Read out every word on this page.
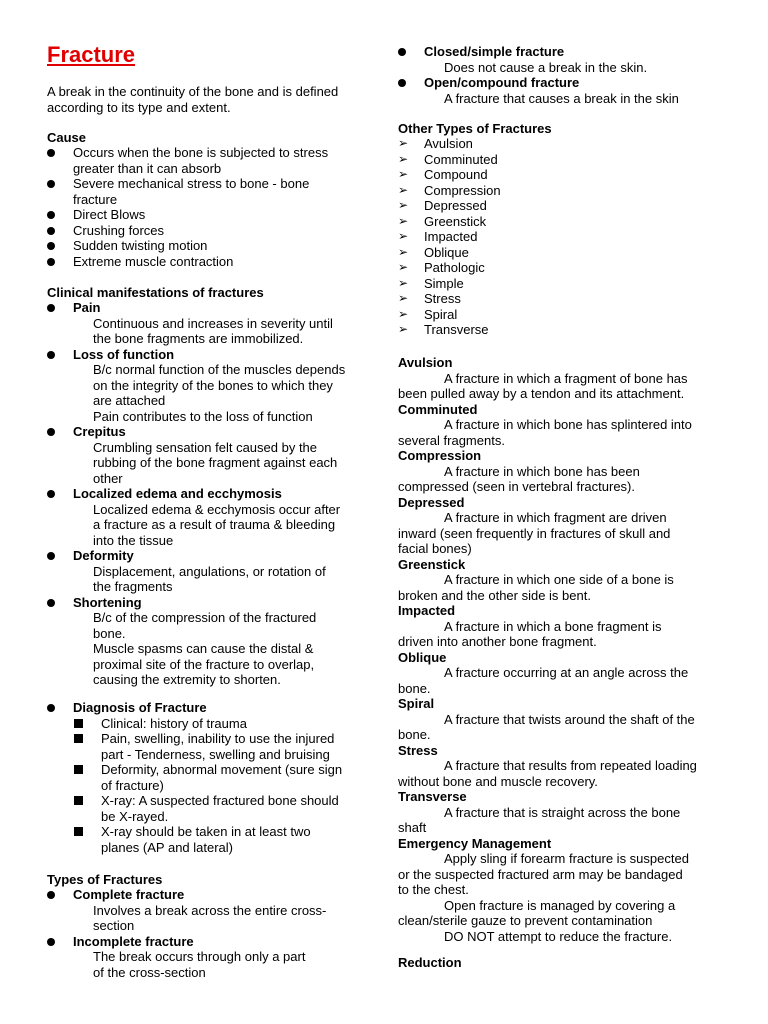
Fracture
A break in the continuity of the bone and is defined
according to its type and extent.
Cause
Occurs when the bone is subjected to stress
greater than it can absorb
Severe mechanical stress to bone - bone
fracture
Direct Blows
Crushing forces
Sudden twisting motion
Extreme muscle contraction
Clinical manifestations of fractures
Pain
Continuous and increases in severity until
the bone fragments are immobilized.
Loss of function
B/c normal function of the muscles depends
on the integrity of the bones to which they
are attached
Pain contributes to the loss of function
Crepitus
Crumbling sensation felt caused by the
rubbing of the bone fragment against each
other
Localized edema and ecchymosis
Localized edema & ecchymosis occur after
a fracture as a result of trauma & bleeding
into the tissue
Deformity
Displacement, angulations, or rotation of
the fragments
Shortening
B/c of the compression of the fractured
bone.
Muscle spasms can cause the distal &
proximal site of the fracture to overlap,
causing the extremity to shorten.
Diagnosis of Fracture
Clinical: history of trauma
Pain, swelling, inability to use the injured
part - Tenderness, swelling and bruising
Deformity, abnormal movement (sure sign
of fracture)
X-ray: A suspected fractured bone should
be X-rayed.
X-ray should be taken in at least two
planes (AP and lateral)
Types of Fractures
Complete fracture
Involves a break across the entire cross-
section
Incomplete fracture
The break occurs through only a part
of the cross-section
Closed/simple fracture
Does not cause a break in the skin.
Open/compound fracture
A fracture that causes a break in the skin
Other Types of Fractures
➢ Avulsion
➢ Comminuted
➢ Compound
➢ Compression
➢ Depressed
➢ Greenstick
➢ Impacted
➢ Oblique
➢ Pathologic
➢ Simple
➢ Stress
➢ Spiral
➢ Transverse
Avulsion
A fracture in which a fragment of bone has
been pulled away by a tendon and its attachment.
Comminuted
A fracture in which bone has splintered into
several fragments.
Compression
A fracture in which bone has been
compressed (seen in vertebral fractures).
Depressed
A fracture in which fragment are driven
inward (seen frequently in fractures of skull and
facial bones)
Greenstick
A fracture in which one side of a bone is
broken and the other side is bent.
Impacted
A fracture in which a bone fragment is
driven into another bone fragment.
Oblique
A fracture occurring at an angle across the
bone.
Spiral
A fracture that twists around the shaft of the
bone.
Stress
A fracture that results from repeated loading
without bone and muscle recovery.
Transverse
A fracture that is straight across the bone
shaft
Emergency Management
Apply sling if forearm fracture is suspected
or the suspected fractured arm may be bandaged
to the chest.
Open fracture is managed by covering a
clean/sterile gauze to prevent contamination
DO NOT attempt to reduce the fracture.
Reduction
